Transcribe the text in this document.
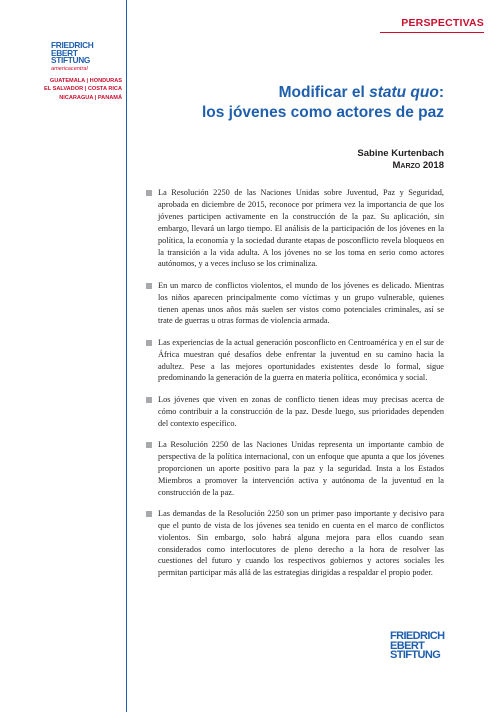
PERSPECTIVAS
FRIEDRICH
EBERT
STIFTUNG
americacentral
GUATEMALA | HONDURAS
EL SALVADOR | COSTA RICA
NICARAGUA | PANAMÁ	Modificar el statu quo:
los jóvenes como actores de paz
Sabine Kurtenbach
Marzo 2018
La Resolución 2250 de las Naciones Unidas sobre Juventud, Paz y Seguridad, aprobada en diciembre de 2015, reconoce por primera vez la importancia de que los jóvenes participen activamente en la construcción de la paz. Su aplicación, sin embargo, llevará un largo tiempo. El análisis de la participación de los jóvenes en la política, la economía y la sociedad durante etapas de posconflicto revela bloqueos en la transición a la vida adulta. A los jóvenes no se los toma en serio como actores autónomos, y a veces incluso se los criminaliza.
En un marco de conflictos violentos, el mundo de los jóvenes es delicado. Mientras los niños aparecen principalmente como víctimas y un grupo vulnerable, quienes tienen apenas unos años más suelen ser vistos como potenciales criminales, así se trate de guerras u otras formas de violencia armada.
Las experiencias de la actual generación posconflicto en Centroamérica y en el sur de África muestran qué desafíos debe enfrentar la juventud en su camino hacia la adultez. Pese a las mejores oportunidades existentes desde lo formal, sigue predominando la generación de la guerra en materia política, económica y social.
Los jóvenes que viven en zonas de conflicto tienen ideas muy precisas acerca de cómo contribuir a la construcción de la paz. Desde luego, sus prioridades dependen del contexto específico.
La Resolución 2250 de las Naciones Unidas representa un importante cambio de perspectiva de la política internacional, con un enfoque que apunta a que los jóvenes proporcionen un aporte positivo para la paz y la seguridad. Insta a los Estados Miembros a promover la intervención activa y autónoma de la juventud en la construcción de la paz.
Las demandas de la Resolución 2250 son un primer paso importante y decisivo para que el punto de vista de los jóvenes sea tenido en cuenta en el marco de conflictos violentos. Sin embargo, solo habrá alguna mejora para ellos cuando sean considerados como interlocutores de pleno derecho a la hora de resolver las cuestiones del futuro y cuando los respectivos gobiernos y actores sociales les permitan participar más allá de las estrategias dirigidas a respaldar el propio poder.
FRIEDRICH
EBERT
STIFTUNG
